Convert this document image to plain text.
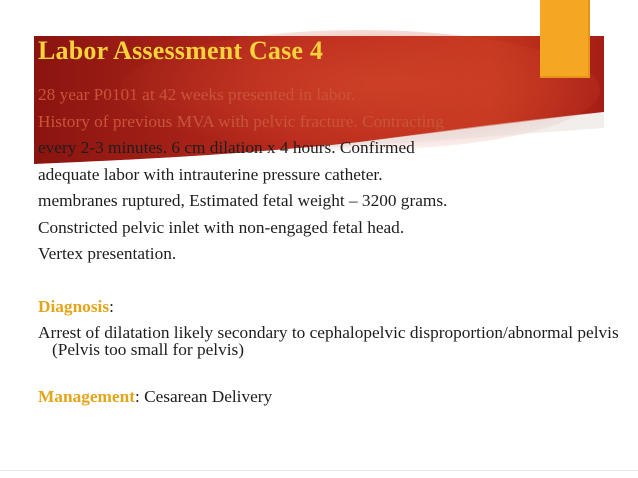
Labor Assessment Case 4
28 year P0101 at 42 weeks presented in labor.
History of previous MVA with pelvic fracture. Contracting
every 2-3 minutes. 6 cm dilation x 4 hours. Confirmed
adequate labor with intrauterine pressure catheter.
membranes ruptured, Estimated fetal weight – 3200 grams.
Constricted pelvic inlet with non-engaged fetal head.
Vertex presentation.
Diagnosis:
Arrest of dilatation likely secondary to cephalopelvic disproportion/abnormal pelvis (Pelvis too small for pelvis)
Management: Cesarean Delivery
